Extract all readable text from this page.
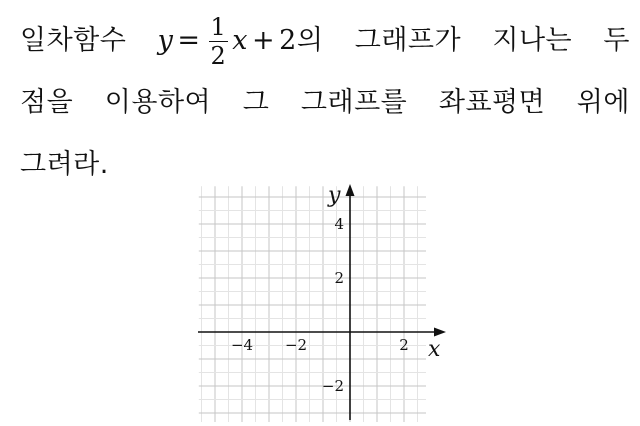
일차함수 $y = \frac{1}{2}$ x + 2 의 그래프가 지나는 두
점을 이용하여 그 그래프를 좌표평면 위에
그려라.
x
y
−4 −2	2
4
2
−2
